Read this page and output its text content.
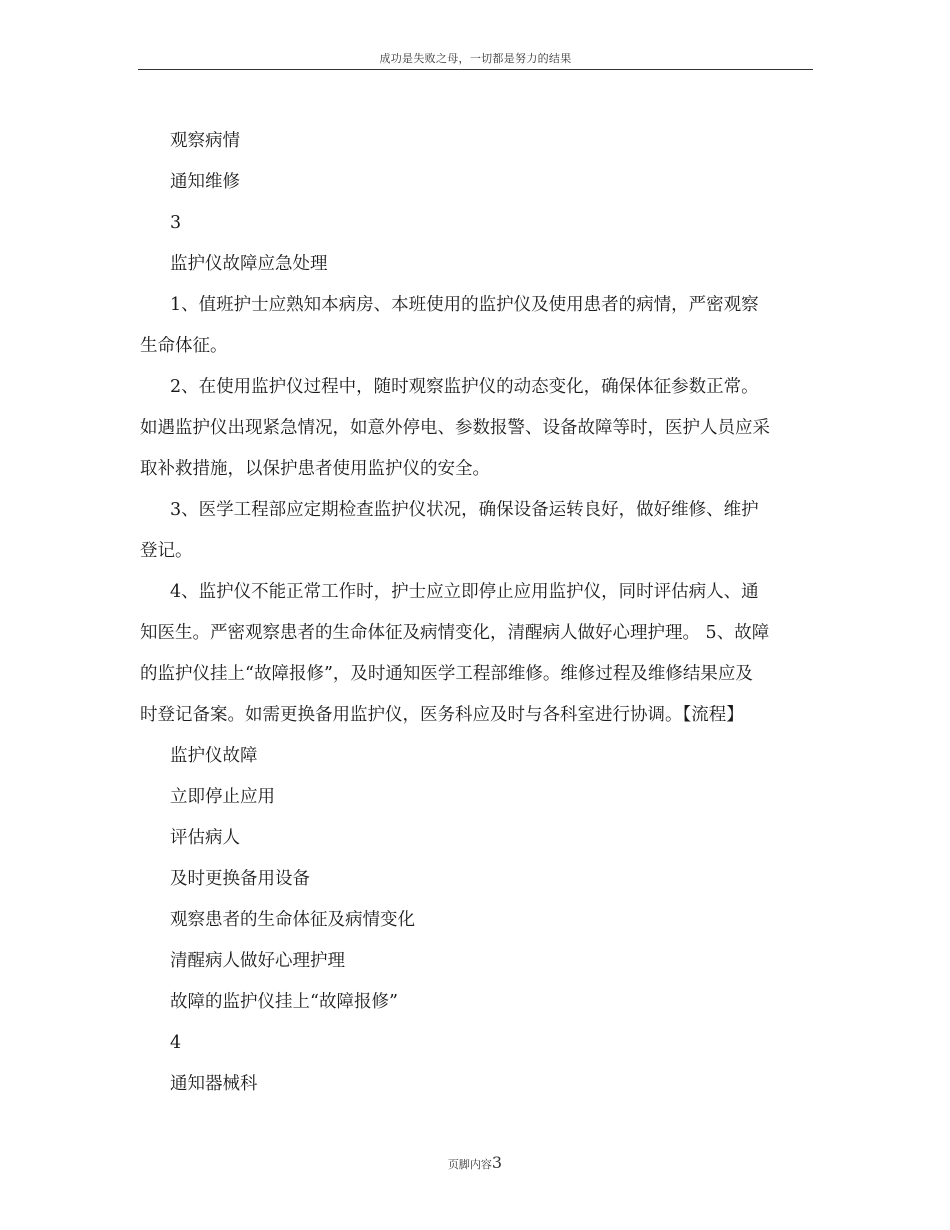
成功是失败之母，一切都是努力的结果
观察病情
通知维修
3
监护仪故障应急处理
1、值班护士应熟知本病房、本班使用的监护仪及使用患者的病情，严密观察
生命体征。
2、在使用监护仪过程中，随时观察监护仪的动态变化，确保体征参数正常。
如遇监护仪出现紧急情况，如意外停电、参数报警、设备故障等时，医护人员应采
取补救措施，以保护患者使用监护仪的安全。
3、医学工程部应定期检查监护仪状况，确保设备运转良好，做好维修、维护
登记。
4、监护仪不能正常工作时，护士应立即停止应用监护仪，同时评估病人、通
知医生。严密观察患者的生命体征及病情变化，清醒病人做好心理护理。 5、故障
的监护仪挂上“故障报修”，及时通知医学工程部维修。维修过程及维修结果应及
时登记备案。如需更换备用监护仪，医务科应及时与各科室进行协调。【流程】
监护仪故障
立即停止应用
评估病人
及时更换备用设备
观察患者的生命体征及病情变化
清醒病人做好心理护理
故障的监护仪挂上“故障报修”
4
通知器械科
页脚内容3
